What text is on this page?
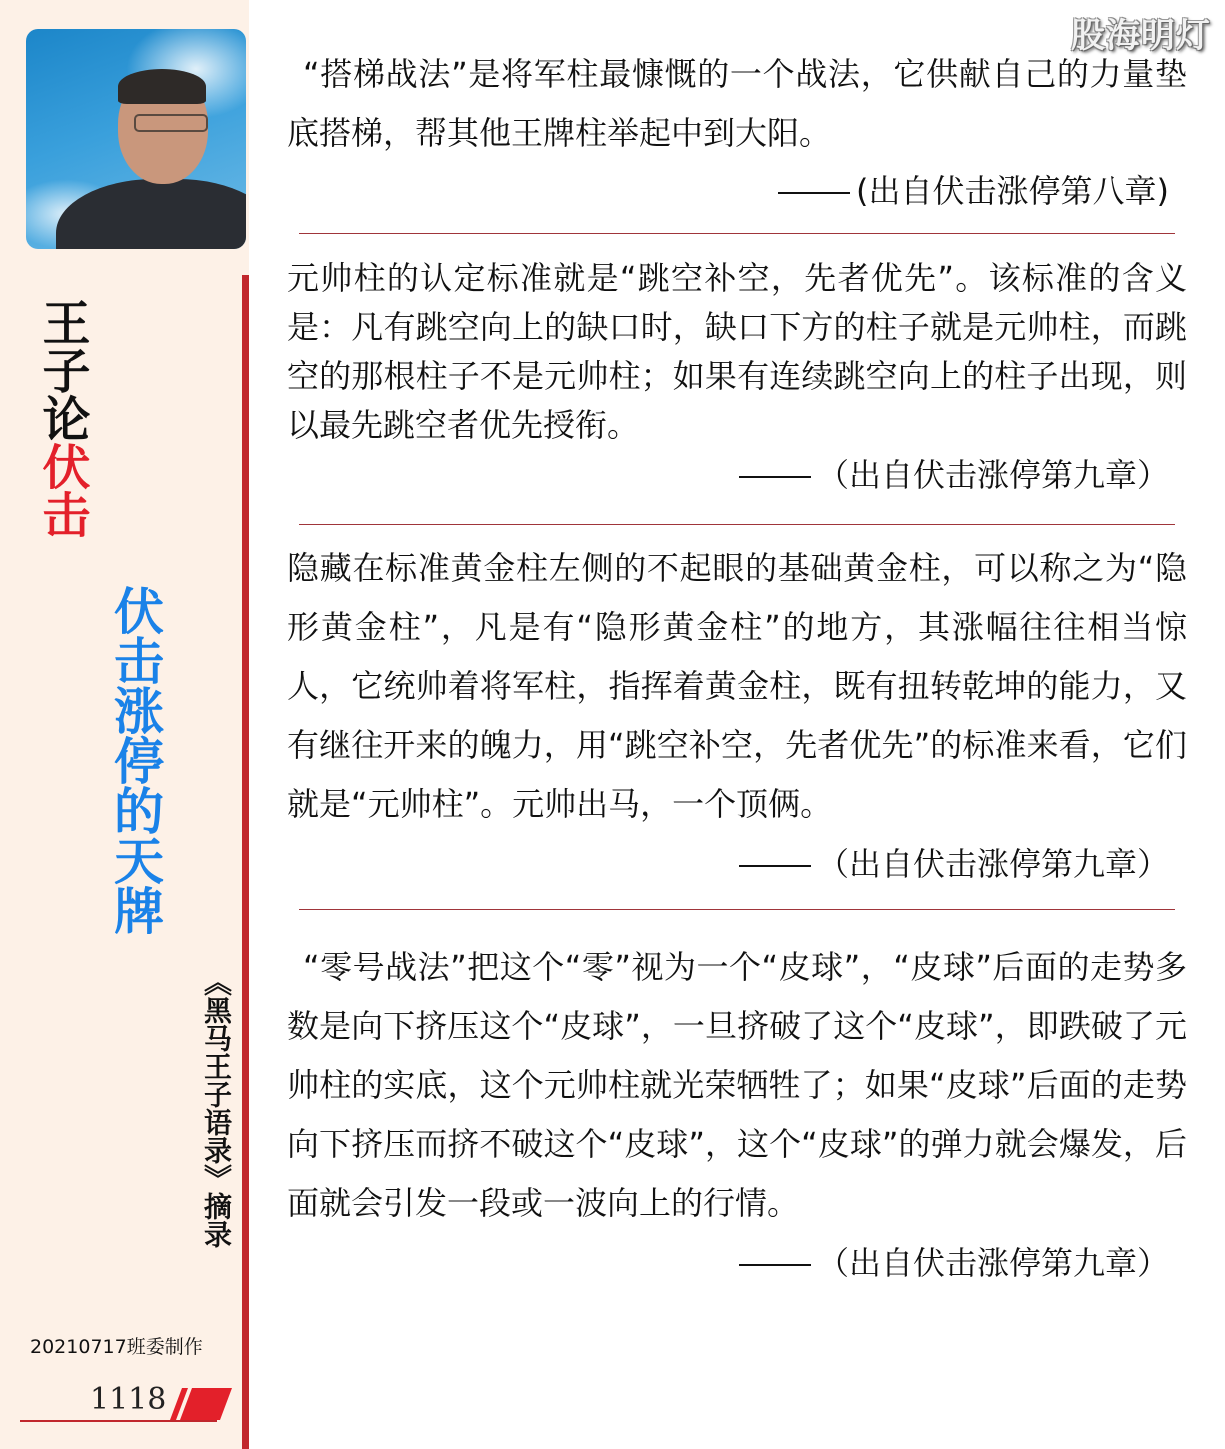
王子论伏击
伏击涨停的天牌
《黑马王子语录》摘录
20210717班委制作
1118
股海明灯
“搭梯战法”是将军柱最慷慨的一个战法，它供献自己的力量垫底搭梯，帮其他王牌柱举起中到大阳。
(出自伏击涨停第八章)
元帅柱的认定标准就是“跳空补空，先者优先”。该标准的含义是：凡有跳空向上的缺口时，缺口下方的柱子就是元帅柱，而跳空的那根柱子不是元帅柱；如果有连续跳空向上的柱子出现，则以最先跳空者优先授衔。
（出自伏击涨停第九章）
隐藏在标准黄金柱左侧的不起眼的基础黄金柱，可以称之为“隐形黄金柱”，凡是有“隐形黄金柱”的地方，其涨幅往往相当惊人，它统帅着将军柱，指挥着黄金柱，既有扭转乾坤的能力，又有继往开来的魄力，用“跳空补空，先者优先”的标准来看，它们就是“元帅柱”。元帅出马，一个顶俩。
（出自伏击涨停第九章）
“零号战法”把这个“零”视为一个“皮球”，“皮球”后面的走势多数是向下挤压这个“皮球”，一旦挤破了这个“皮球”，即跌破了元帅柱的实底，这个元帅柱就光荣牺牲了；如果“皮球”后面的走势向下挤压而挤不破这个“皮球”，这个“皮球”的弹力就会爆发，后面就会引发一段或一波向上的行情。
（出自伏击涨停第九章）
